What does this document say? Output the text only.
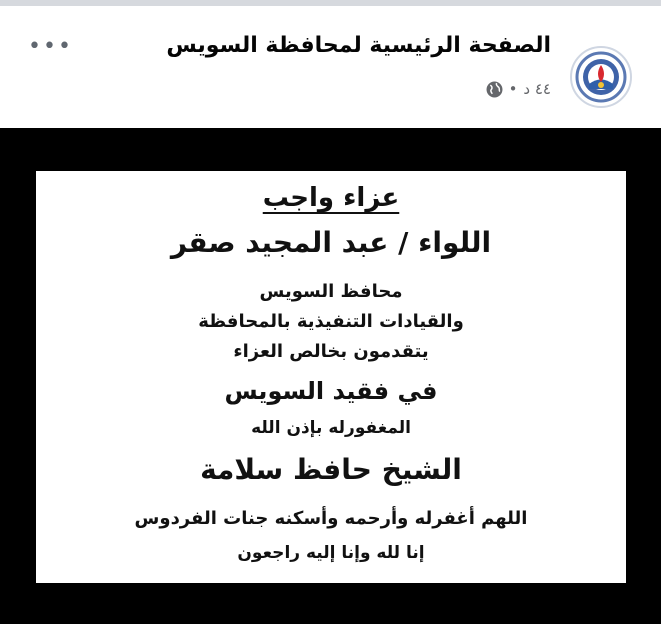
الصفحة الرئيسية لمحافظة السويس
٤٤ د
•
•••
عزاء واجب
اللواء / عبد المجيد صقر
محافظ السويس
والقيادات التنفيذية بالمحافظة
يتقدمون بخالص العزاء
في فقيد السويس
المغفورله بإذن الله
الشيخ حافظ سلامة
اللهم أغفرله وأرحمه وأسكنه جنات الفردوس
إنا لله وإنا إليه راجعون
